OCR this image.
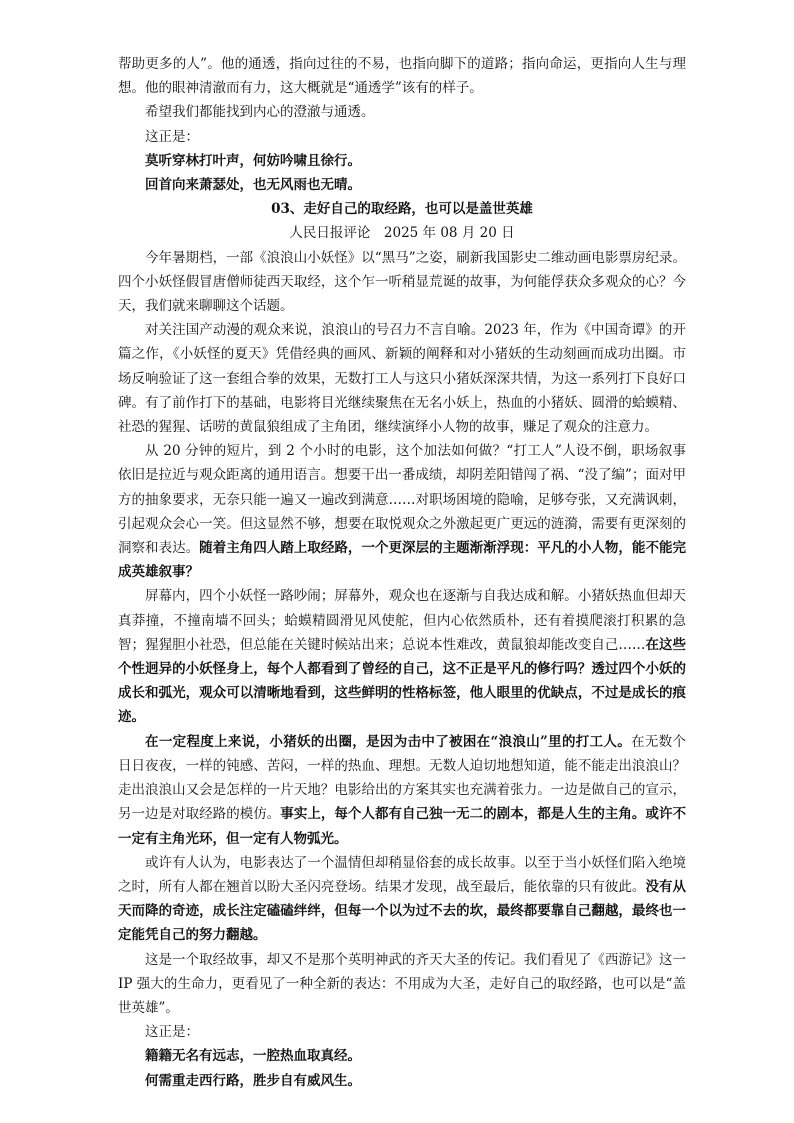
帮助更多的人”。他的通透，指向过往的不易，也指向脚下的道路；指向命运，更指向人生与理想。他的眼神清澈而有力，这大概就是“通透学”该有的样子。

希望我们都能找到内心的澄澈与通透。

这正是：

莫听穿林打叶声，何妨吟啸且徐行。

回首向来萧瑟处，也无风雨也无晴。

03、走好自己的取经路，也可以是盖世英雄

人民日报评论　2025 年 08 月 20 日

今年暑期档，一部《浪浪山小妖怪》以“黑马”之姿，刷新我国影史二维动画电影票房纪录。四个小妖怪假冒唐僧师徒西天取经，这个乍一听稍显荒诞的故事，为何能俘获众多观众的心？今天，我们就来聊聊这个话题。

对关注国产动漫的观众来说，浪浪山的号召力不言自喻。2023 年，作为《中国奇谭》的开篇之作，《小妖怪的夏天》凭借经典的画风、新颖的阐释和对小猪妖的生动刻画而成功出圈。市场反响验证了这一套组合拳的效果，无数打工人与这只小猪妖深深共情，为这一系列打下良好口碑。有了前作打下的基础，电影将目光继续聚焦在无名小妖上，热血的小猪妖、圆滑的蛤蟆精、社恐的猩猩、话唠的黄鼠狼组成了主角团，继续演绎小人物的故事，赚足了观众的注意力。

从 20 分钟的短片，到 2 个小时的电影，这个加法如何做？“打工人”人设不倒，职场叙事依旧是拉近与观众距离的通用语言。想要干出一番成绩，却阴差阳错闯了祸、“没了编”；面对甲方的抽象要求，无奈只能一遍又一遍改到满意……对职场困境的隐喻，足够夸张，又充满讽刺，引起观众会心一笑。但这显然不够，想要在取悦观众之外激起更广更远的涟漪，需要有更深刻的洞察和表达。随着主角四人踏上取经路，一个更深层的主题渐渐浮现：平凡的小人物，能不能完成英雄叙事？

屏幕内，四个小妖怪一路吵闹；屏幕外，观众也在逐渐与自我达成和解。小猪妖热血但却天真莽撞，不撞南墙不回头；蛤蟆精圆滑见风使舵，但内心依然质朴，还有着摸爬滚打积累的急智；猩猩胆小社恐，但总能在关键时候站出来；总说本性难改，黄鼠狼却能改变自己……在这些个性迥异的小妖怪身上，每个人都看到了曾经的自己，这不正是平凡的修行吗？透过四个小妖的成长和弧光，观众可以清晰地看到，这些鲜明的性格标签，他人眼里的优缺点，不过是成长的痕迹。

在一定程度上来说，小猪妖的出圈，是因为击中了被困在“浪浪山”里的打工人。在无数个日日夜夜，一样的钝感、苦闷，一样的热血、理想。无数人迫切地想知道，能不能走出浪浪山？走出浪浪山又会是怎样的一片天地？电影给出的方案其实也充满着张力。一边是做自己的宣示，另一边是对取经路的模仿。事实上，每个人都有自己独一无二的剧本，都是人生的主角。或许不一定有主角光环，但一定有人物弧光。

或许有人认为，电影表达了一个温情但却稍显俗套的成长故事。以至于当小妖怪们陷入绝境之时，所有人都在翘首以盼大圣闪亮登场。结果才发现，战至最后，能依靠的只有彼此。没有从天而降的奇迹，成长注定磕磕绊绊，但每一个以为过不去的坎，最终都要靠自己翻越，最终也一定能凭自己的努力翻越。

这是一个取经故事，却又不是那个英明神武的齐天大圣的传记。我们看见了《西游记》这一 IP 强大的生命力，更看见了一种全新的表达：不用成为大圣，走好自己的取经路，也可以是“盖世英雄”。

这正是：

籍籍无名有远志，一腔热血取真经。

何需重走西行路，胜步自有威风生。
